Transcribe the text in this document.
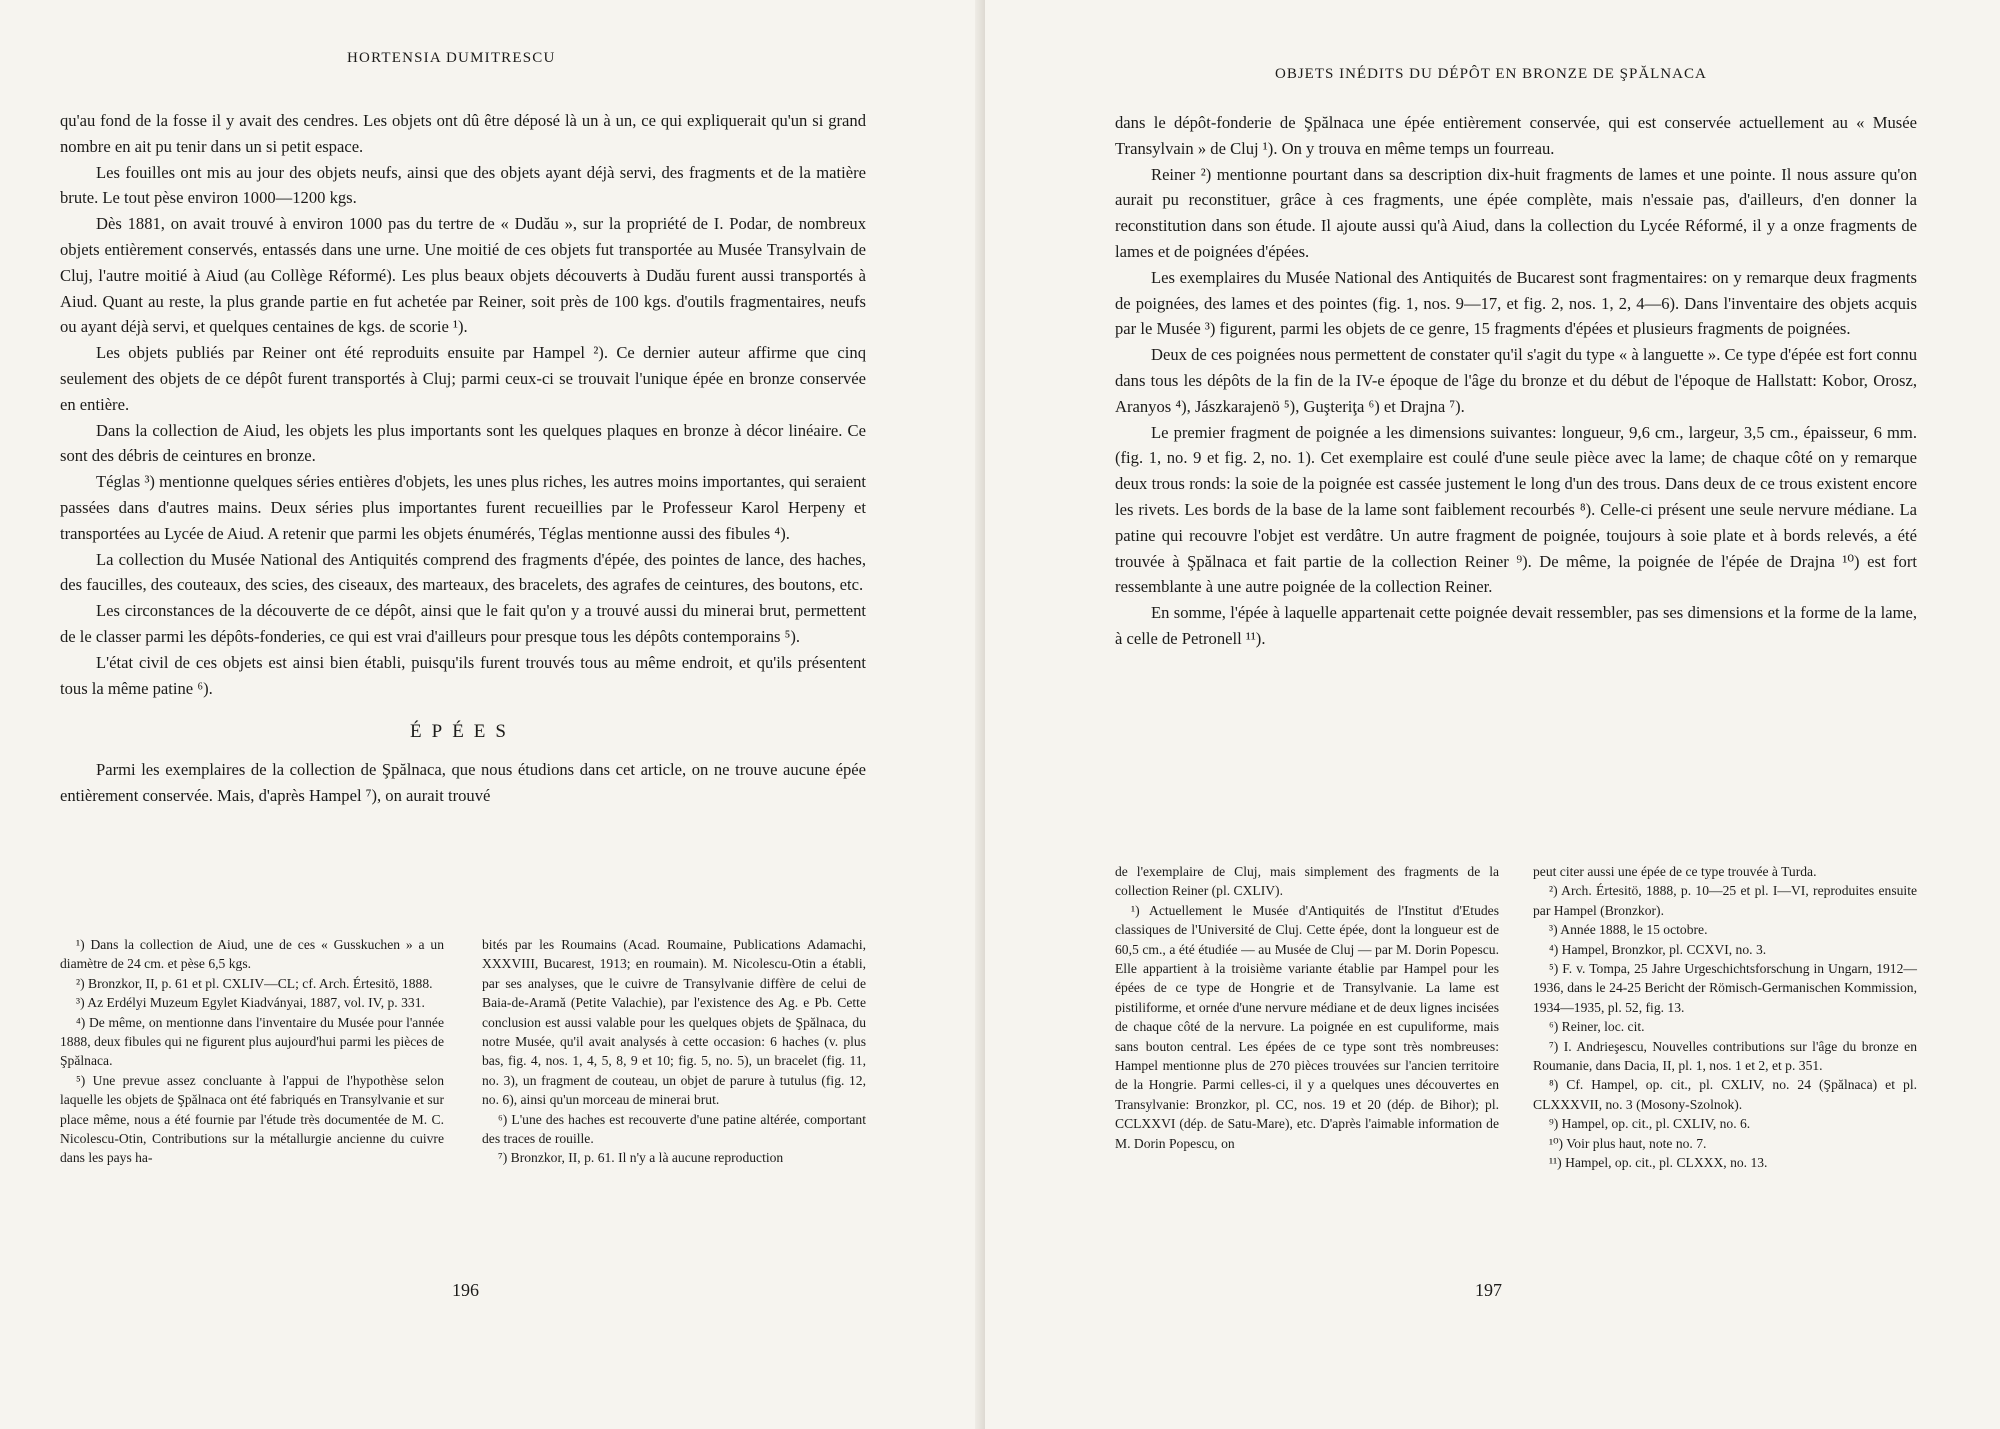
HORTENSIA DUMITRESCU

qu'au fond de la fosse il y avait des cendres. Les objets ont dû être déposé là un à un, ce qui expliquerait qu'un si grand nombre en ait pu tenir dans un si petit espace.

Les fouilles ont mis au jour des objets neufs, ainsi que des objets ayant déjà servi, des fragments et de la matière brute. Le tout pèse environ 1000—1200 kgs.

Dès 1881, on avait trouvé à environ 1000 pas du tertre de « Dudău », sur la propriété de I. Podar, de nombreux objets entièrement conservés, entassés dans une urne. Une moitié de ces objets fut transportée au Musée Transylvain de Cluj, l'autre moitié à Aiud (au Collège Réformé). Les plus beaux objets découverts à Dudău furent aussi transportés à Aiud. Quant au reste, la plus grande partie en fut achetée par Reiner, soit près de 100 kgs. d'outils fragmentaires, neufs ou ayant déjà servi, et quelques centaines de kgs. de scorie ¹).

Les objets publiés par Reiner ont été reproduits ensuite par Hampel ²). Ce dernier auteur affirme que cinq seulement des objets de ce dépôt furent transportés à Cluj; parmi ceux-ci se trouvait l'unique épée en bronze conservée en entière.

Dans la collection de Aiud, les objets les plus importants sont les quelques plaques en bronze à décor linéaire. Ce sont des débris de ceintures en bronze.

Téglas ³) mentionne quelques séries entières d'objets, les unes plus riches, les autres moins importantes, qui seraient passées dans d'autres mains. Deux séries plus importantes furent recueillies par le Professeur Karol Herpeny et transportées au Lycée de Aiud. A retenir que parmi les objets énumérés, Téglas mentionne aussi des fibules ⁴).

La collection du Musée National des Antiquités comprend des fragments d'épée, des pointes de lance, des haches, des faucilles, des couteaux, des scies, des ciseaux, des marteaux, des bracelets, des agrafes de ceintures, des boutons, etc.

Les circonstances de la découverte de ce dépôt, ainsi que le fait qu'on y a trouvé aussi du minerai brut, permettent de le classer parmi les dépôts-fonderies, ce qui est vrai d'ailleurs pour presque tous les dépôts contemporains ⁵).

L'état civil de ces objets est ainsi bien établi, puisqu'ils furent trouvés tous au même endroit, et qu'ils présentent tous la même patine ⁶).

ÉPÉES

Parmi les exemplaires de la collection de Şpălnaca, que nous étudions dans cet article, on ne trouve aucune épée entièrement conservée. Mais, d'après Hampel ⁷), on aurait trouvé

¹) Dans la collection de Aiud, une de ces « Gusskuchen » a un diamètre de 24 cm. et pèse 6,5 kgs.

²) Bronzkor, II, p. 61 et pl. CXLIV—CL; cf. Arch. Értesitö, 1888.

³) Az Erdélyi Muzeum Egylet Kiadványai, 1887, vol. IV, p. 331.

⁴) De même, on mentionne dans l'inventaire du Musée pour l'année 1888, deux fibules qui ne figurent plus aujourd'hui parmi les pièces de Şpălnaca.

⁵) Une prevue assez concluante à l'appui de l'hypothèse selon laquelle les objets de Şpălnaca ont été fabriqués en Transylvanie et sur place même, nous a été fournie par l'étude très documentée de M. C. Nicolescu-Otin, Contributions sur la métallurgie ancienne du cuivre dans les pays ha-

bités par les Roumains (Acad. Roumaine, Publications Adamachi, XXXVIII, Bucarest, 1913; en roumain). M. Nicolescu-Otin a établi, par ses analyses, que le cuivre de Transylvanie diffère de celui de Baia-de-Aramă (Petite Valachie), par l'existence des Ag. e Pb. Cette conclusion est aussi valable pour les quelques objets de Şpălnaca, du notre Musée, qu'il avait analysés à cette occasion: 6 haches (v. plus bas, fig. 4, nos. 1, 4, 5, 8, 9 et 10; fig. 5, no. 5), un bracelet (fig. 11, no. 3), un fragment de couteau, un objet de parure à tutulus (fig. 12, no. 6), ainsi qu'un morceau de minerai brut.

⁶) L'une des haches est recouverte d'une patine altérée, comportant des traces de rouille.

⁷) Bronzkor, II, p. 61. Il n'y a là aucune reproduction

196
OBJETS INÉDITS DU DÉPÔT EN BRONZE DE ŞPĂLNACA

dans le dépôt-fonderie de Şpălnaca une épée entièrement conservée, qui est conservée actuellement au « Musée Transylvain » de Cluj ¹). On y trouva en même temps un fourreau.

Reiner ²) mentionne pourtant dans sa description dix-huit fragments de lames et une pointe. Il nous assure qu'on aurait pu reconstituer, grâce à ces fragments, une épée complète, mais n'essaie pas, d'ailleurs, d'en donner la reconstitution dans son étude. Il ajoute aussi qu'à Aiud, dans la collection du Lycée Réformé, il y a onze fragments de lames et de poignées d'épées.

Les exemplaires du Musée National des Antiquités de Bucarest sont fragmentaires: on y remarque deux fragments de poignées, des lames et des pointes (fig. 1, nos. 9—17, et fig. 2, nos. 1, 2, 4—6). Dans l'inventaire des objets acquis par le Musée ³) figurent, parmi les objets de ce genre, 15 fragments d'épées et plusieurs fragments de poignées.

Deux de ces poignées nous permettent de constater qu'il s'agit du type « à languette ». Ce type d'épée est fort connu dans tous les dépôts de la fin de la IV-e époque de l'âge du bronze et du début de l'époque de Hallstatt: Kobor, Orosz, Aranyos ⁴), Jászkarajenö ⁵), Guşteriţa ⁶) et Drajna ⁷).

Le premier fragment de poignée a les dimensions suivantes: longueur, 9,6 cm., largeur, 3,5 cm., épaisseur, 6 mm. (fig. 1, no. 9 et fig. 2, no. 1). Cet exemplaire est coulé d'une seule pièce avec la lame; de chaque côté on y remarque deux trous ronds: la soie de la poignée est cassée justement le long d'un des trous. Dans deux de ce trous existent encore les rivets. Les bords de la base de la lame sont faiblement recourbés ⁸). Celle-ci présent une seule nervure médiane. La patine qui recouvre l'objet est verdâtre. Un autre fragment de poignée, toujours à soie plate et à bords relevés, a été trouvée à Şpălnaca et fait partie de la collection Reiner ⁹). De même, la poignée de l'épée de Drajna ¹⁰) est fort ressemblante à une autre poignée de la collection Reiner.

En somme, l'épée à laquelle appartenait cette poignée devait ressembler, pas ses dimensions et la forme de la lame, à celle de Petronell ¹¹).

de l'exemplaire de Cluj, mais simplement des fragments de la collection Reiner (pl. CXLIV).

¹) Actuellement le Musée d'Antiquités de l'Institut d'Etudes classiques de l'Université de Cluj. Cette épée, dont la longueur est de 60,5 cm., a été étudiée — au Musée de Cluj — par M. Dorin Popescu. Elle appartient à la troisième variante établie par Hampel pour les épées de ce type de Hongrie et de Transylvanie. La lame est pistiliforme, et ornée d'une nervure médiane et de deux lignes incisées de chaque côté de la nervure. La poignée en est cupuliforme, mais sans bouton central. Les épées de ce type sont très nombreuses: Hampel mentionne plus de 270 pièces trouvées sur l'ancien territoire de la Hongrie. Parmi celles-ci, il y a quelques unes découvertes en Transylvanie: Bronzkor, pl. CC, nos. 19 et 20 (dép. de Bihor); pl. CCLXXVI (dép. de Satu-Mare), etc. D'après l'aimable information de M. Dorin Popescu, on

peut citer aussi une épée de ce type trouvée à Turda.

²) Arch. Értesitö, 1888, p. 10—25 et pl. I—VI, reproduites ensuite par Hampel (Bronzkor).

³) Année 1888, le 15 octobre.

⁴) Hampel, Bronzkor, pl. CCXVI, no. 3.

⁵) F. v. Tompa, 25 Jahre Urgeschichtsforschung in Ungarn, 1912—1936, dans le 24-25 Bericht der Römisch-Germanischen Kommission, 1934—1935, pl. 52, fig. 13.

⁶) Reiner, loc. cit.

⁷) I. Andrieşescu, Nouvelles contributions sur l'âge du bronze en Roumanie, dans Dacia, II, pl. 1, nos. 1 et 2, et p. 351.

⁸) Cf. Hampel, op. cit., pl. CXLIV, no. 24 (Şpălnaca) et pl. CLXXXVII, no. 3 (Mosony-Szolnok).

⁹) Hampel, op. cit., pl. CXLIV, no. 6.

¹⁰) Voir plus haut, note no. 7.

¹¹) Hampel, op. cit., pl. CLXXX, no. 13.

197
